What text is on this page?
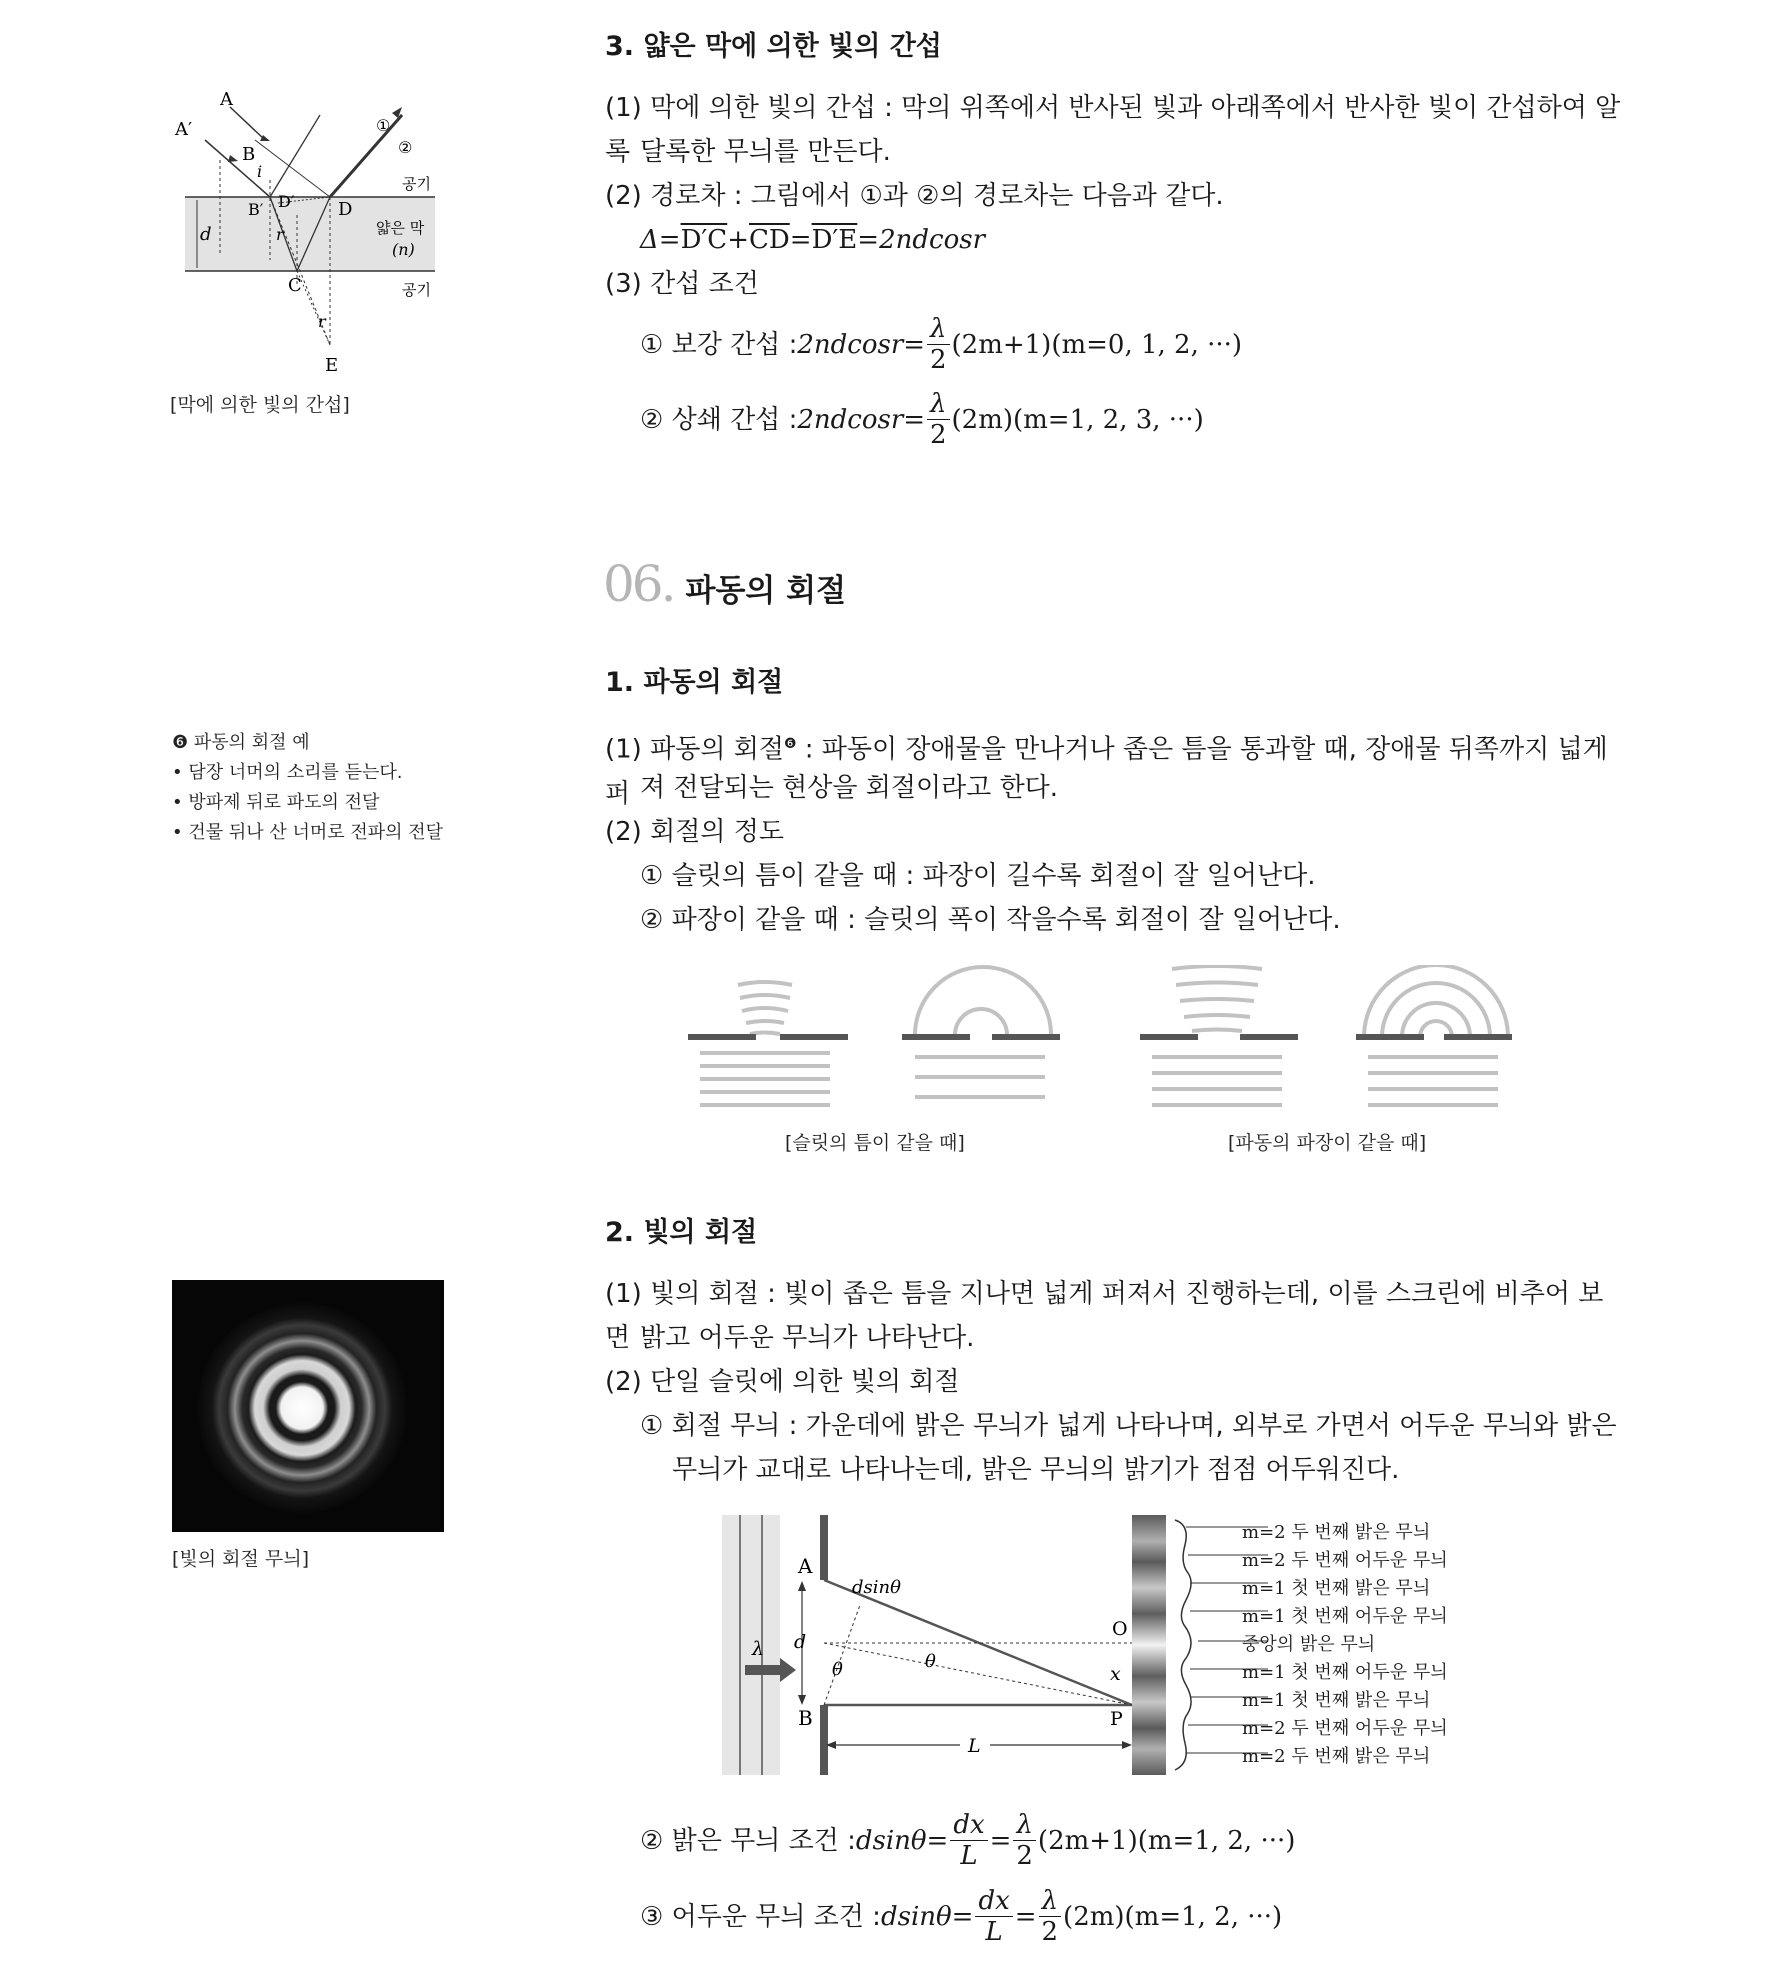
A
A′
B
B′ D′ D
C
E
i
r
r
d
①
②
공기
얇은 막
(n)
공기
[막에 의한 빛의 간섭]
3. 얇은 막에 의한 빛의 간섭
(1) 막에 의한 빛의 간섭 : 막의 위쪽에서 반사된 빛과 아래쪽에서 반사한 빛이 간섭하여 알록 달록한 무늬를 만든다.
(2) 경로차 : 그림에서 ①과 ②의 경로차는 다음과 같다.
$\Delta=D'C+\overline{CD}=D'E=2ndcosr$
(3) 간섭 조건
① 보강 간섭 : $2ndcosr= \frac{\lambda}{2} (2m+1)(m=0$, 1, 2, ···)
② 상쇄 간섭 : $2ndcosr= \frac{\lambda}{2} (2m)(m=1$, 2, 3, ···)
06. 파동의 회절
1. 파동의 회절
(1) 파동의 회절$^❻$ : 파동이 장애물을 만나거나 좁은 틈을 통과할 때, 장애물 뒤쪽까지 넓게 퍼 져 전달되는 현상을 회절이라고 한다.
(2) 회절의 정도
① 슬릿의 틈이 같을 때 : 파장이 길수록 회절이 잘 일어난다.
② 파장이 같을 때 : 슬릿의 폭이 작을수록 회절이 잘 일어난다.
❻ 파동의 회절 예
• 담장 너머의 소리를 듣는다.
• 방파제 뒤로 파도의 전달
• 건물 뒤나 산 너머로 전파의 전달
[슬릿의 틈이 같을 때]	[파동의 파장이 같을 때]
2. 빛의 회절
(1) 빛의 회절 : 빛이 좁은 틈을 지나면 넓게 퍼져서 진행하는데, 이를 스크린에 비추어 보면 밝고 어두운 무늬가 나타난다.
(2) 단일 슬릿에 의한 빛의 회절
① 회절 무늬 : 가운데에 밝은 무늬가 넓게 나타나며, 외부로 가면서 어두운 무늬와 밝은
무늬가 교대로 나타나는데, 밝은 무늬의 밝기가 점점 어두워진다.
[빛의 회절 무늬]
λ
A
B
d
dsinθ
θ	θ
O
x
P
L
m=2 두 번째 밝은 무늬
m=2 두 번째 어두운 무늬
m=1 첫 번째 밝은 무늬
m=1 첫 번째 어두운 무늬
중앙의 밝은 무늬
m=1 첫 번째 어두운 무늬
m=1 첫 번째 밝은 무늬
m=2 두 번째 어두운 무늬
m=2 두 번째 밝은 무늬
② 밝은 무늬 조건 : $dsin\theta= \frac{dx}{L} = \frac{\lambda}{2} (2m+1)(m=1$, 2, ···)
③ 어두운 무늬 조건 : $dsin\theta= \frac{dx}{L} = \frac{\lambda}{2} (2m)(m=1$, 2, ···)
